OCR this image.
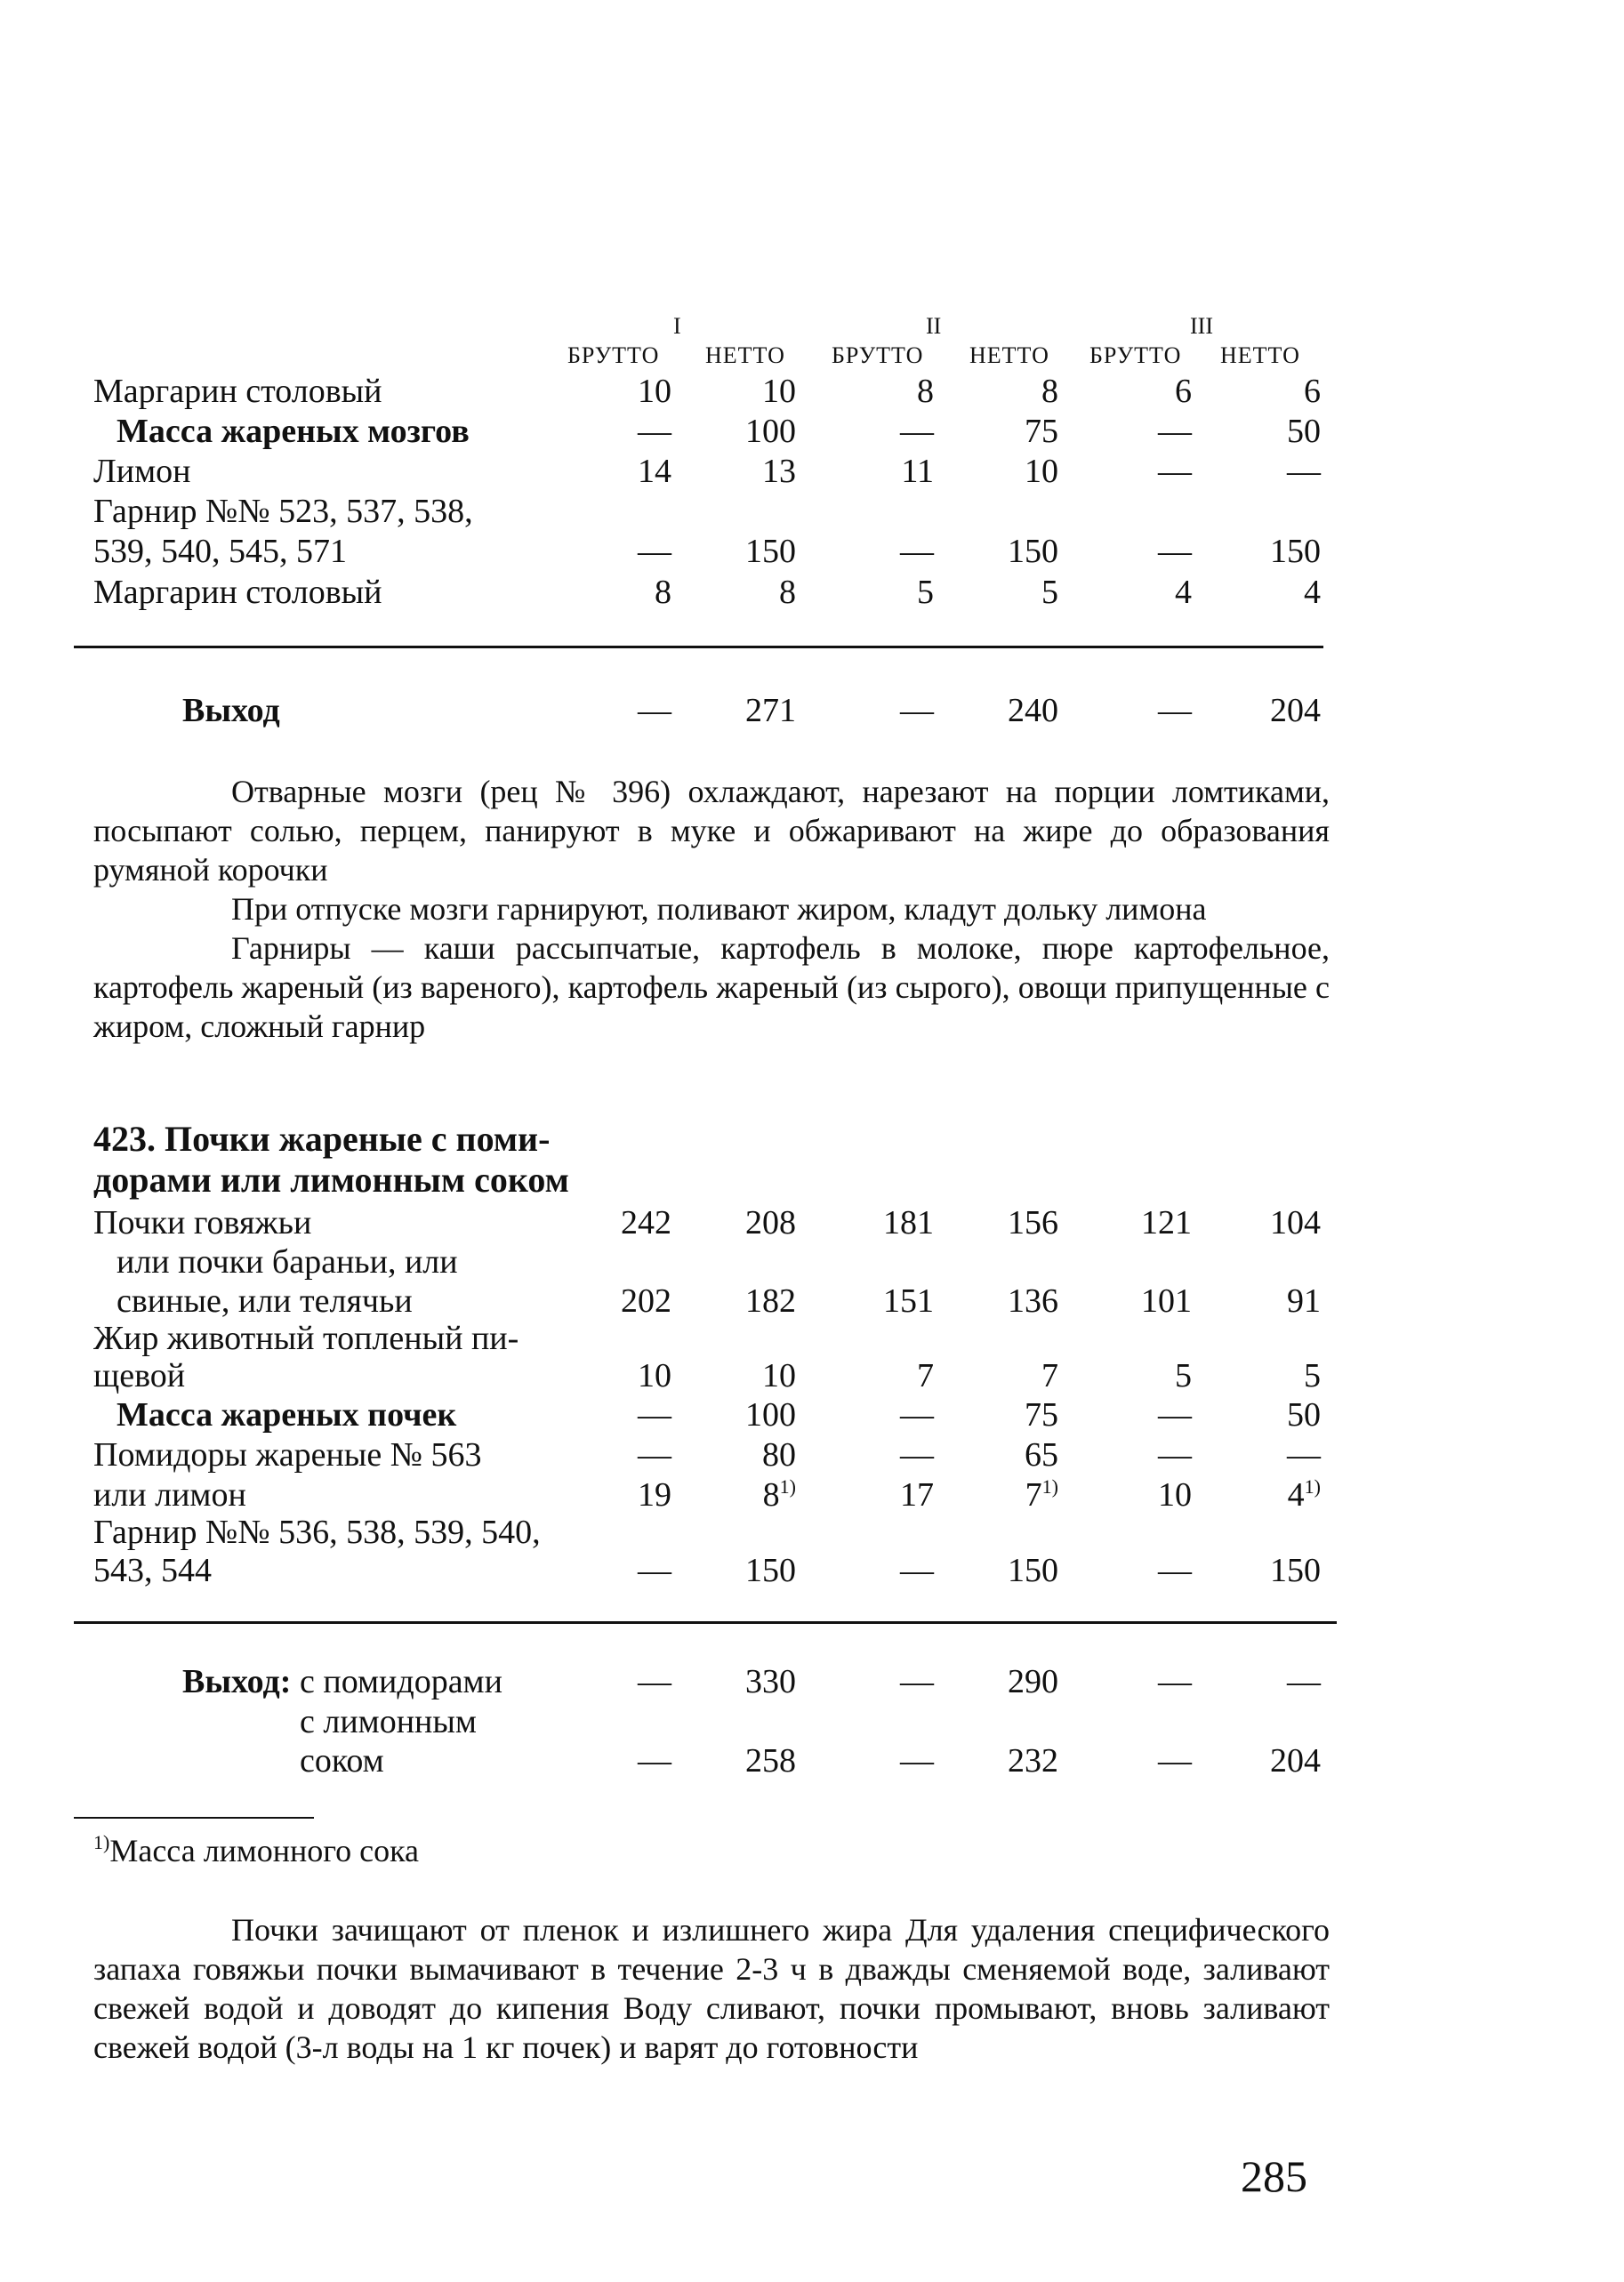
I	II	III
БРУТТО НЕТТО БРУТТО НЕТТО БРУТТО НЕТТО
Маргарин столовый	10	10	8	8	6	6
Масса жареных мозгов	—	100	—	75	—	50
Лимон	14	13	11	10	—	—
Гарнир №№ 523, 537, 538,
539, 540, 545, 571	—	150	—	150	—	150
Маргарин столовый	8	8	5	5	4	4
Выход	—	271	—	240	—	204

Отварные мозги (рец № 396) охлаждают, нарезают на порции ломтиками, посыпают солью, перцем, панируют в муке и обжаривают на жире до образования румяной корочки

При отпуске мозги гарнируют, поливают жиром, кладут дольку лимона

Гарниры — каши рассыпчатые, картофель в молоке, пюре картофельное, картофель жареный (из вареного), картофель жареный (из сырого), овощи припущенные с жиром, сложный гарнир

423. Почки жареные с поми-
дорами или лимонным соком
Почки говяжьи	242	208	181	156	121	104
или почки бараньи, или
свиные, или телячьи	202	182	151	136	101	91
Жир животный топленый пи-
щевой	10	10	7	7	5	5
Масса жареных почек	—	100	—	75	—	50
Помидоры жареные № 563	—	80	—	65	—	—
или лимон	19	8$^{1)}$	17	7$^{1)}$	10	4$^{1)}$
Гарнир №№ 536, 538, 539, 540,
543, 544	—	150	—	150	—	150
Выход: с помидорами	—	330	—	290	—	—
с лимонным
соком	—	258	—	232	—	204
$^{1)}$Масса лимонного сока

Почки зачищают от пленок и излишнего жира Для удаления специфического запаха говяжьи почки вымачивают в течение 2-3 ч в дважды сменяемой воде, заливают свежей водой и доводят до кипения Воду сливают, почки промывают, вновь заливают свежей водой (3-л воды на 1 кг почек) и варят до готовности

285
